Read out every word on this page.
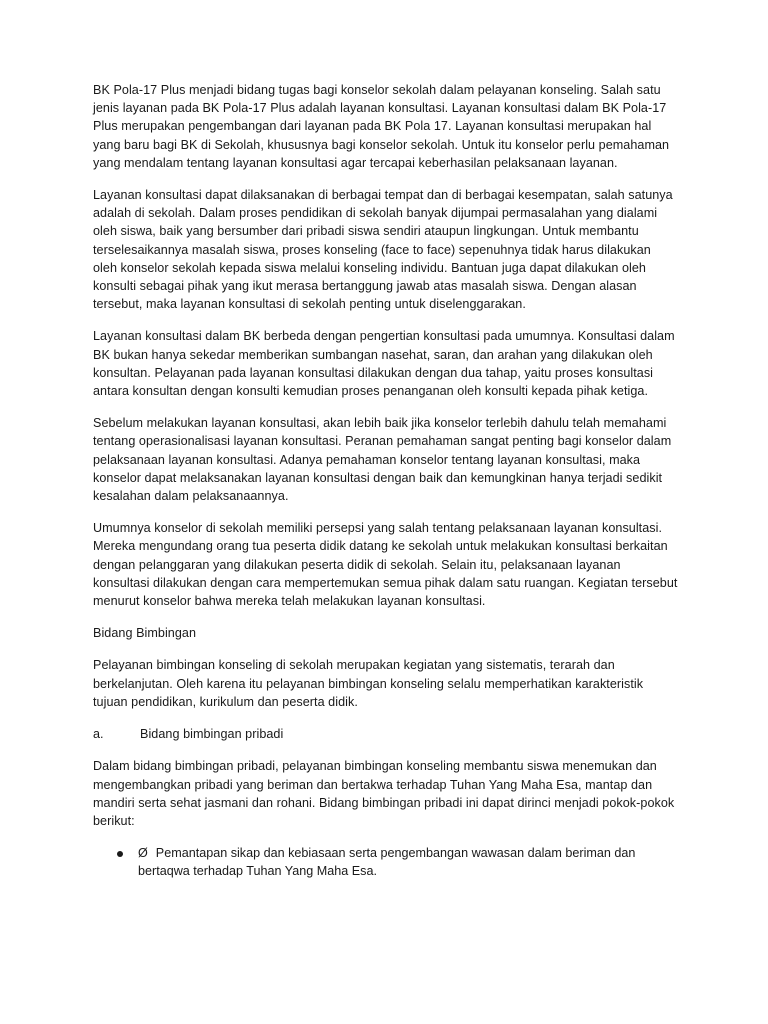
BK Pola-17 Plus menjadi bidang tugas bagi konselor sekolah dalam pelayanan konseling. Salah satu jenis layanan pada BK Pola-17 Plus adalah layanan konsultasi. Layanan konsultasi dalam BK Pola-17 Plus merupakan pengembangan dari layanan pada BK Pola 17. Layanan konsultasi merupakan hal yang baru bagi BK di Sekolah, khususnya bagi konselor sekolah. Untuk itu konselor perlu pemahaman yang mendalam tentang layanan konsultasi agar tercapai keberhasilan pelaksanaan layanan.

Layanan konsultasi dapat dilaksanakan di berbagai tempat dan di berbagai kesempatan, salah satunya adalah di sekolah. Dalam proses pendidikan di sekolah banyak dijumpai permasalahan yang dialami oleh siswa, baik yang bersumber dari pribadi siswa sendiri ataupun lingkungan. Untuk membantu terselesaikannya masalah siswa, proses konseling (face to face) sepenuhnya tidak harus dilakukan oleh konselor sekolah kepada siswa melalui konseling individu. Bantuan juga dapat dilakukan oleh konsulti sebagai pihak yang ikut merasa bertanggung jawab atas masalah siswa. Dengan alasan tersebut, maka layanan konsultasi di sekolah penting untuk diselenggarakan.

Layanan konsultasi dalam BK berbeda dengan pengertian konsultasi pada umumnya. Konsultasi dalam BK bukan hanya sekedar memberikan sumbangan nasehat, saran, dan arahan yang dilakukan oleh konsultan. Pelayanan pada layanan konsultasi dilakukan dengan dua tahap, yaitu proses konsultasi antara konsultan dengan konsulti kemudian proses penanganan oleh konsulti kepada pihak ketiga.

Sebelum melakukan layanan konsultasi, akan lebih baik jika konselor terlebih dahulu telah memahami tentang operasionalisasi layanan konsultasi. Peranan pemahaman sangat penting bagi konselor dalam pelaksanaan layanan konsultasi. Adanya pemahaman konselor tentang layanan konsultasi, maka konselor dapat melaksanakan layanan konsultasi dengan baik dan kemungkinan hanya terjadi sedikit kesalahan dalam pelaksanaannya.

Umumnya konselor di sekolah memiliki persepsi yang salah tentang pelaksanaan layanan konsultasi. Mereka mengundang orang tua peserta didik datang ke sekolah untuk melakukan konsultasi berkaitan dengan pelanggaran yang dilakukan peserta didik di sekolah. Selain itu, pelaksanaan layanan konsultasi dilakukan dengan cara mempertemukan semua pihak dalam satu ruangan. Kegiatan tersebut menurut konselor bahwa mereka telah melakukan layanan konsultasi.

Bidang Bimbingan

Pelayanan bimbingan konseling di sekolah merupakan kegiatan yang sistematis, terarah dan berkelanjutan. Oleh karena itu pelayanan bimbingan konseling selalu memperhatikan karakteristik tujuan pendidikan, kurikulum dan peserta didik.

a.	Bidang bimbingan pribadi

Dalam bidang bimbingan pribadi, pelayanan bimbingan konseling membantu siswa menemukan dan mengembangkan pribadi yang beriman dan bertakwa terhadap Tuhan Yang Maha Esa, mantap dan mandiri serta sehat jasmani dan rohani. Bidang bimbingan pribadi ini dapat dirinci menjadi pokok-pokok berikut:

Ø Pemantapan sikap dan kebiasaan serta pengembangan wawasan dalam beriman dan bertaqwa terhadap Tuhan Yang Maha Esa.
